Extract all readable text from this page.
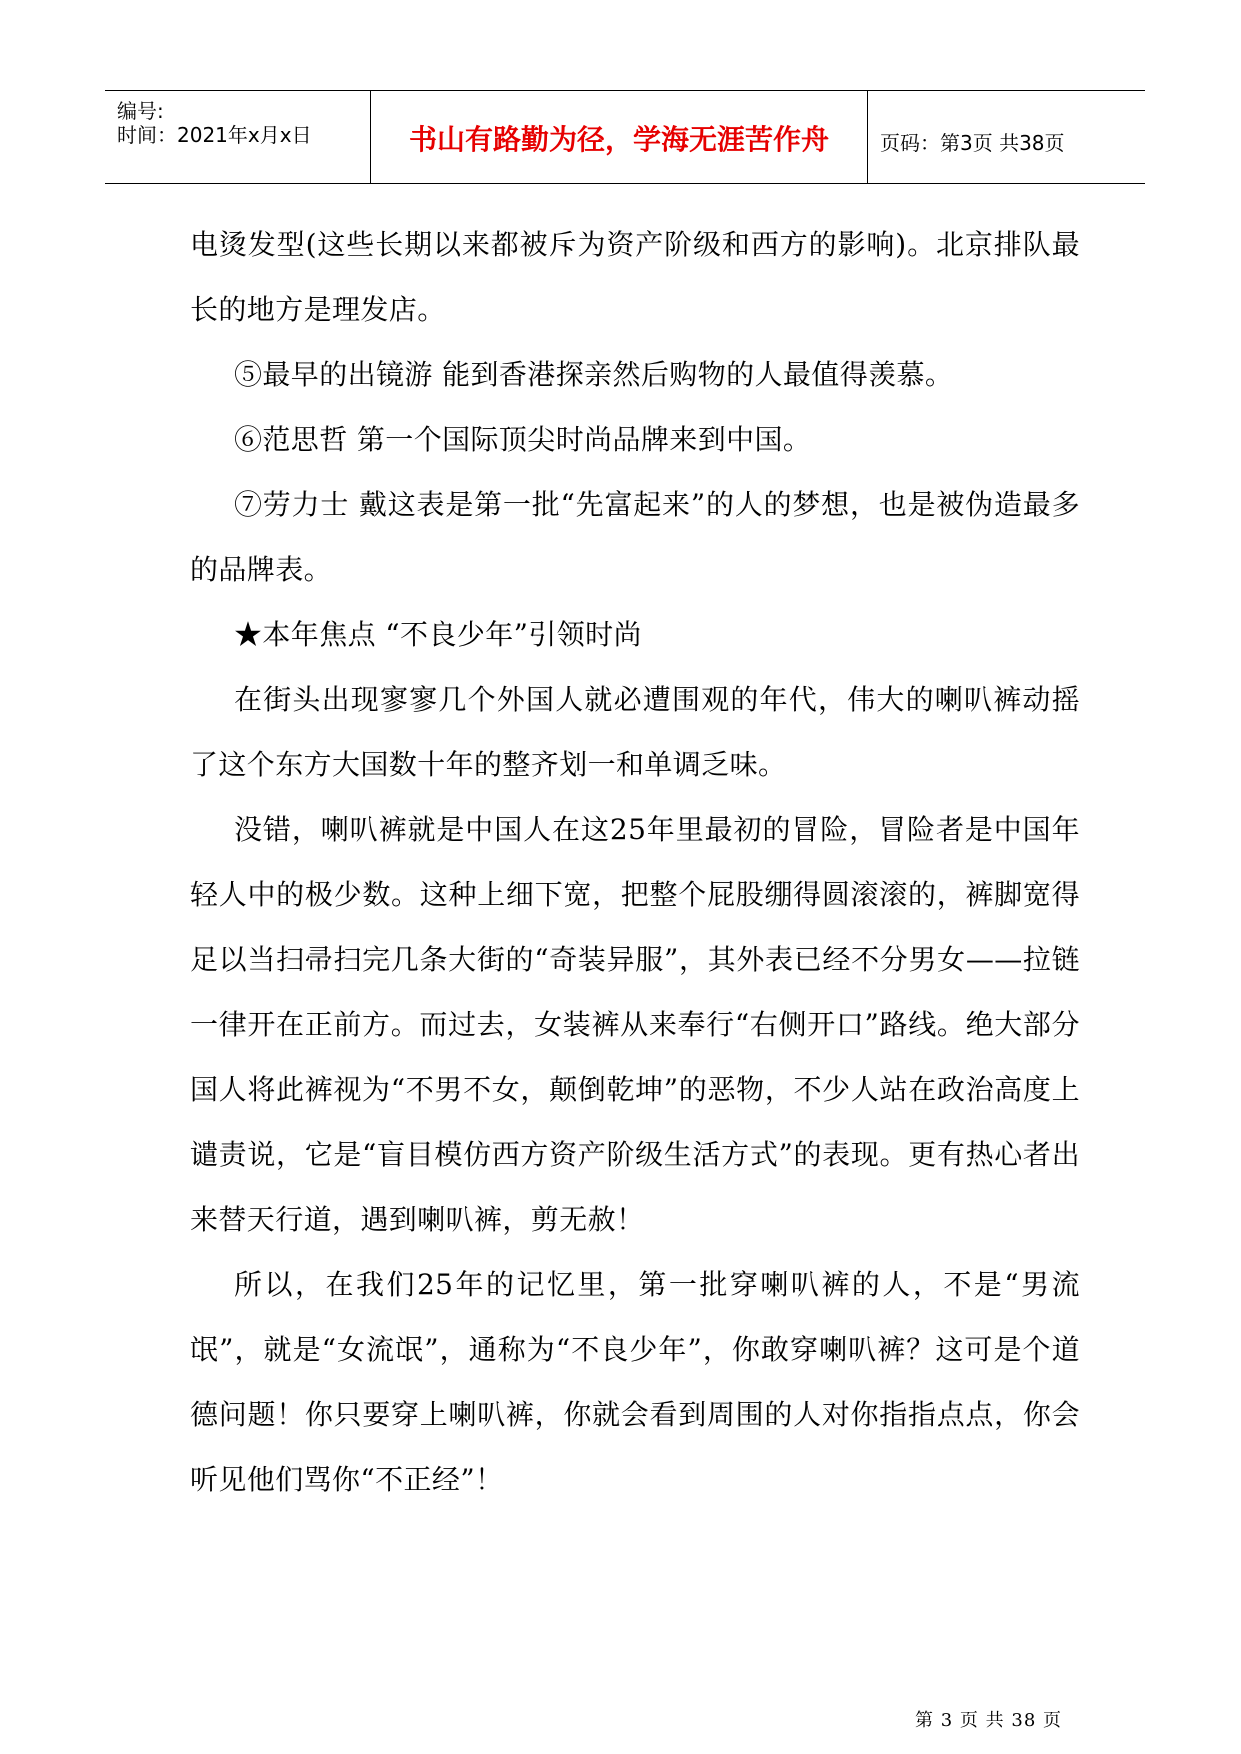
编号:
时间：2021年x月x日	书山有路勤为径，学海无涯苦作舟	页码：第3页 共38页

电烫发型(这些长期以来都被斥为资产阶级和西方的影响)。北京排队最长的地方是理发店。

⑤最早的出镜游 能到香港探亲然后购物的人最值得羡慕。

⑥范思哲 第一个国际顶尖时尚品牌来到中国。

⑦劳力士 戴这表是第一批“先富起来”的人的梦想，也是被伪造最多的品牌表。

★本年焦点 “不良少年”引领时尚

在街头出现寥寥几个外国人就必遭围观的年代，伟大的喇叭裤动摇了这个东方大国数十年的整齐划一和单调乏味。

没错，喇叭裤就是中国人在这25年里最初的冒险，冒险者是中国年轻人中的极少数。这种上细下宽，把整个屁股绷得圆滚滚的，裤脚宽得足以当扫帚扫完几条大街的“奇装异服”，其外表已经不分男女——拉链一律开在正前方。而过去，女装裤从来奉行“右侧开口”路线。绝大部分国人将此裤视为“不男不女，颠倒乾坤”的恶物，不少人站在政治高度上谴责说，它是“盲目模仿西方资产阶级生活方式”的表现。更有热心者出来替天行道，遇到喇叭裤，剪无赦！

所以，在我们25年的记忆里，第一批穿喇叭裤的人，不是“男流氓”，就是“女流氓”，通称为“不良少年”，你敢穿喇叭裤？这可是个道德问题！你只要穿上喇叭裤，你就会看到周围的人对你指指点点，你会听见他们骂你“不正经”！

第 3 页 共 38 页
